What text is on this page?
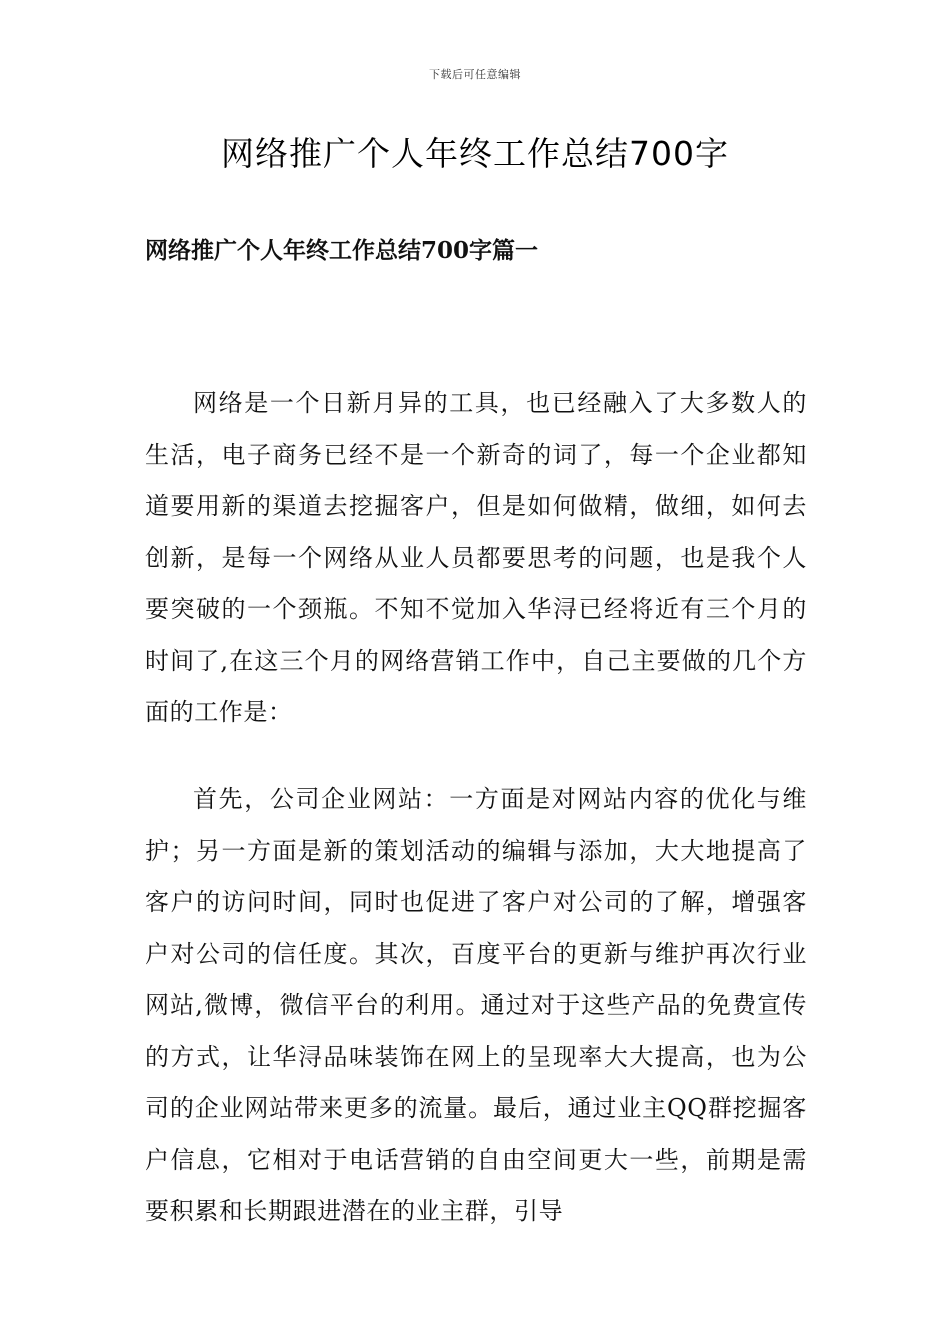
下载后可任意编辑
网络推广个人年终工作总结700字
网络推广个人年终工作总结700字篇一

网络是一个日新月异的工具，也已经融入了大多数人的生活，电子商务已经不是一个新奇的词了，每一个企业都知道要用新的渠道去挖掘客户，但是如何做精，做细，如何去创新，是每一个网络从业人员都要思考的问题，也是我个人要突破的一个颈瓶。不知不觉加入华浔已经将近有三个月的时间了,在这三个月的网络营销工作中，自己主要做的几个方面的工作是：

首先，公司企业网站：一方面是对网站内容的优化与维护；另一方面是新的策划活动的编辑与添加，大大地提高了客户的访问时间，同时也促进了客户对公司的了解，增强客户对公司的信任度。其次，百度平台的更新与维护再次行业网站,微博，微信平台的利用。通过对于这些产品的免费宣传的方式，让华浔品味装饰在网上的呈现率大大提高，也为公司的企业网站带来更多的流量。最后，通过业主QQ群挖掘客户信息，它相对于电话营销的自由空间更大一些，前期是需要积累和长期跟进潜在的业主群，引导
